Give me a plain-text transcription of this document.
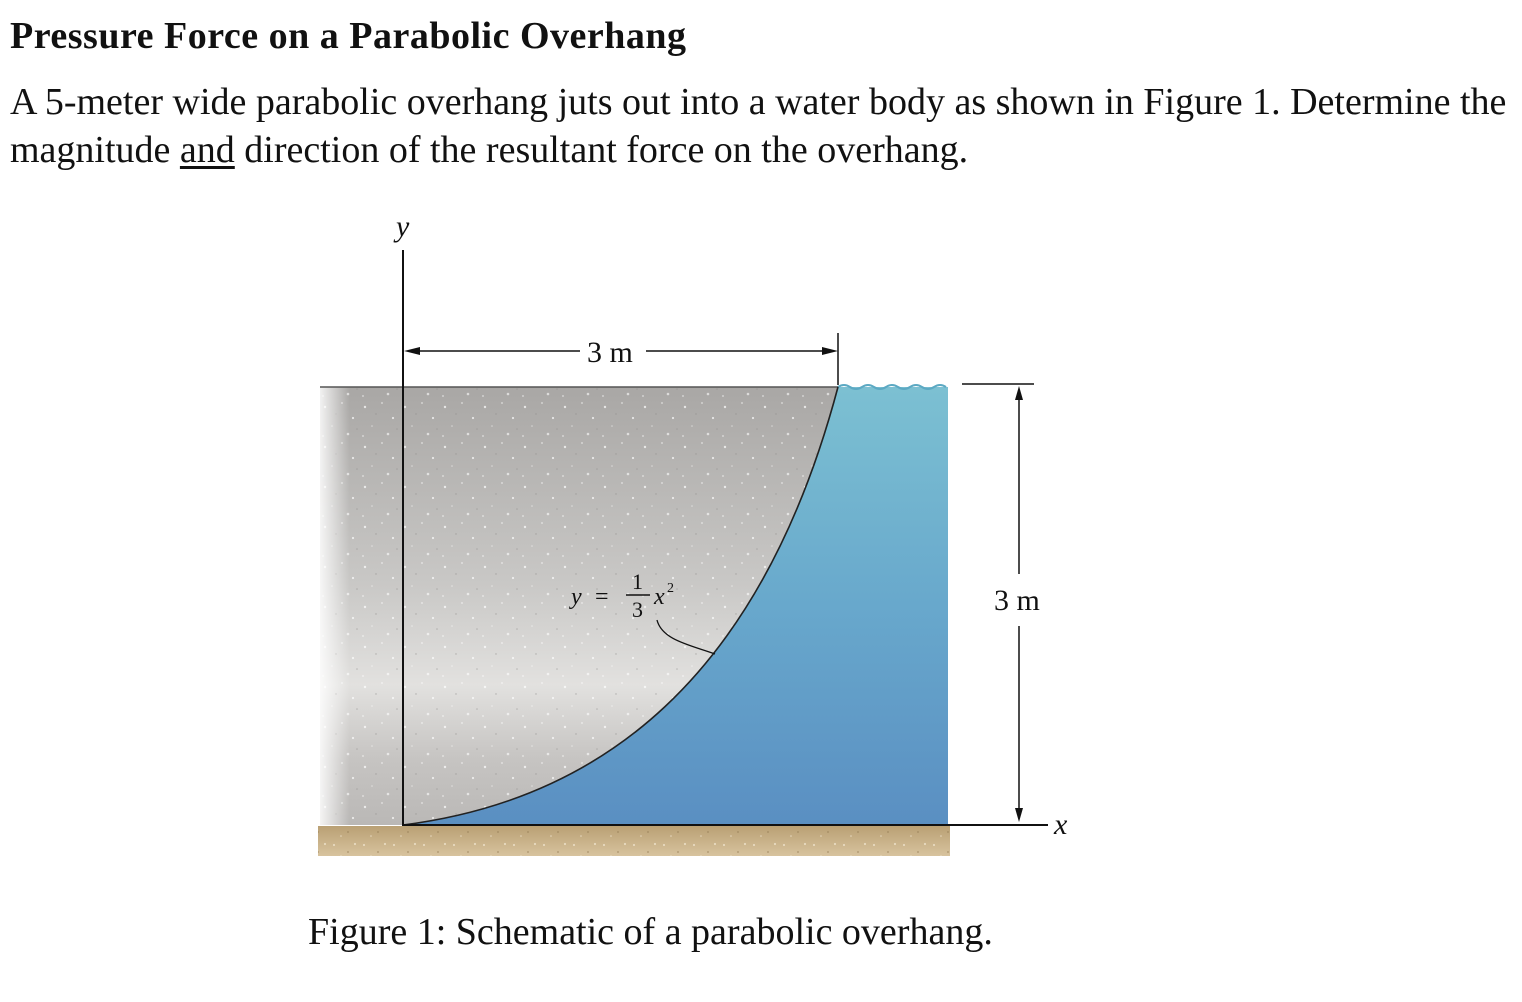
Pressure Force on a Parabolic Overhang

A 5-meter wide parabolic overhang juts out into a water body as shown in Figure 1. Determine the magnitude and direction of the resultant force on the overhang.

y
x
3 m
3 m
y =
1
3 x 2

Figure 1: Schematic of a parabolic overhang.
